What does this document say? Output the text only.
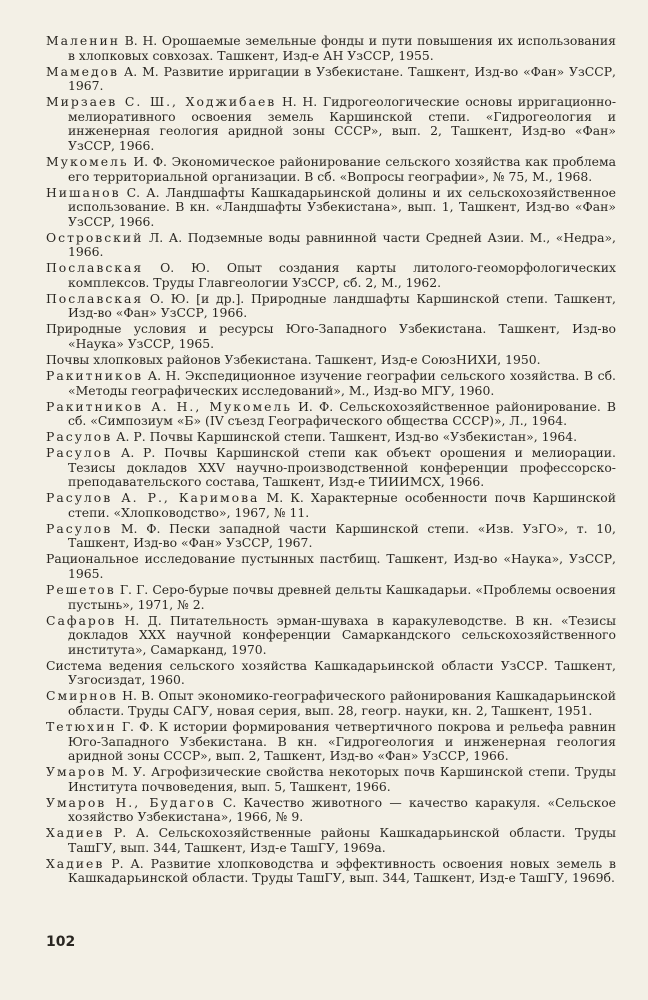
Маленин В. Н. Орошаемые земельные фонды и пути повышения их использования в хлопковых совхозах. Ташкент, Изд-е АН УзССР, 1955.

Мамедов А. М. Развитие ирригации в Узбекистане. Ташкент, Изд-во «Фан» УзССР, 1967.

Мирзаев С. Ш., Ходжибаев Н. Н. Гидрогеологические основы ирригационно-мелиоративного освоения земель Каршинской степи. «Гидрогеология и инженерная геология аридной зоны СССР», вып. 2, Ташкент, Изд-во «Фан» УзССР, 1966.

Мукомель И. Ф. Экономическое районирование сельского хозяйства как проблема его территориальной организации. В сб. «Вопросы географии», № 75, М., 1968.

Нишанов С. А. Ландшафты Кашкадарьинской долины и их сельскохозяйственное использование. В кн. «Ландшафты Узбекистана», вып. 1, Ташкент, Изд-во «Фан» УзССР, 1966.

Островский Л. А. Подземные воды равнинной части Средней Азии. М., «Недра», 1966.

Пославская О. Ю. Опыт создания карты литолого-геоморфологических комплексов. Труды Главгеологии УзССР, сб. 2, М., 1962.

Пославская О. Ю. [и др.]. Природные ландшафты Каршинской степи. Ташкент, Изд-во «Фан» УзССР, 1966.

Природные условия и ресурсы Юго-Западного Узбекистана. Ташкент, Изд-во «Наука» УзССР, 1965.

Почвы хлопковых районов Узбекистана. Ташкент, Изд-е СоюзНИХИ, 1950.

Ракитников А. Н. Экспедиционное изучение географии сельского хозяйства. В сб. «Методы географических исследований», М., Изд-во МГУ, 1960.

Ракитников А. Н., Мукомель И. Ф. Сельскохозяйственное районирование. В сб. «Симпозиум «Б» (IV съезд Географического общества СССР)», Л., 1964.

Расулов А. Р. Почвы Каршинской степи. Ташкент, Изд-во «Узбекистан», 1964.

Расулов А. Р. Почвы Каршинской степи как объект орошения и мелиорации. Тезисы докладов XXV научно-производственной конференции профессорско-преподавательского состава, Ташкент, Изд-е ТИИИМСХ, 1966.

Расулов А. Р., Каримова М. К. Характерные особенности почв Каршинской степи. «Хлопководство», 1967, № 11.

Расулов М. Ф. Пески западной части Каршинской степи. «Изв. УзГО», т. 10, Ташкент, Изд-во «Фан» УзССР, 1967.

Рациональное исследование пустынных пастбищ. Ташкент, Изд-во «Наука», УзССР, 1965.

Решетов Г. Г. Серо-бурые почвы древней дельты Кашкадарьи. «Проблемы освоения пустынь», 1971, № 2.

Сафаров Н. Д. Питательность эрман-шуваха в каракулеводстве. В кн. «Тезисы докладов XXX научной конференции Самаркандского сельскохозяйственного института», Самарканд, 1970.

Система ведения сельского хозяйства Кашкадарьинской области УзССР. Ташкент, Узгосиздат, 1960.

Смирнов Н. В. Опыт экономико-географического районирования Кашкадарьинской области. Труды САГУ, новая серия, вып. 28, геогр. науки, кн. 2, Ташкент, 1951.

Тетюхин Г. Ф. К истории формирования четвертичного покрова и рельефа равнин Юго-Западного Узбекистана. В кн. «Гидрогеология и инженерная геология аридной зоны СССР», вып. 2, Ташкент, Изд-во «Фан» УзССР, 1966.

Умаров М. У. Агрофизические свойства некоторых почв Каршинской степи. Труды Института почвоведения, вып. 5, Ташкент, 1966.

Умаров Н., Будагов С. Качество животного — качество каракуля. «Сельское хозяйство Узбекистана», 1966, № 9.

Хадиев Р. А. Сельскохозяйственные районы Кашкадарьинской области. Труды ТашГУ, вып. 344, Ташкент, Изд-е ТашГУ, 1969а.

Хадиев Р. А. Развитие хлопководства и эффективность освоения новых земель в Кашкадарьинской области. Труды ТашГУ, вып. 344, Ташкент, Изд-е ТашГУ, 1969б.

102
